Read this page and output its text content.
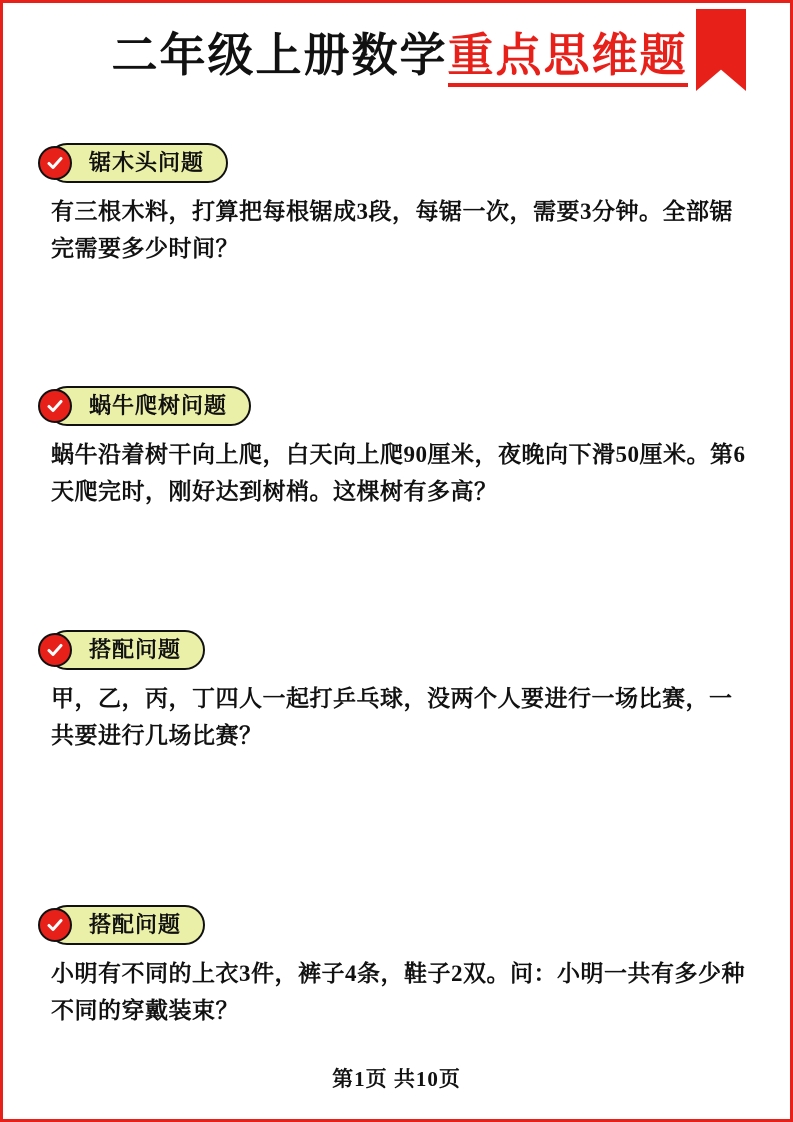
二年级上册数学重点思维题
锯木头问题

有三根木料，打算把每根锯成3段，每锯一次，需要3分钟。全部锯完需要多少时间？

蜗牛爬树问题

蜗牛沿着树干向上爬，白天向上爬90厘米，夜晚向下滑50厘米。第6天爬完时，刚好达到树梢。这棵树有多高？

搭配问题

甲，乙，丙，丁四人一起打乒乓球，没两个人要进行一场比赛，一共要进行几场比赛？

搭配问题

小明有不同的上衣3件，裤子4条，鞋子2双。问：小明一共有多少种不同的穿戴装束？

第1页 共10页
